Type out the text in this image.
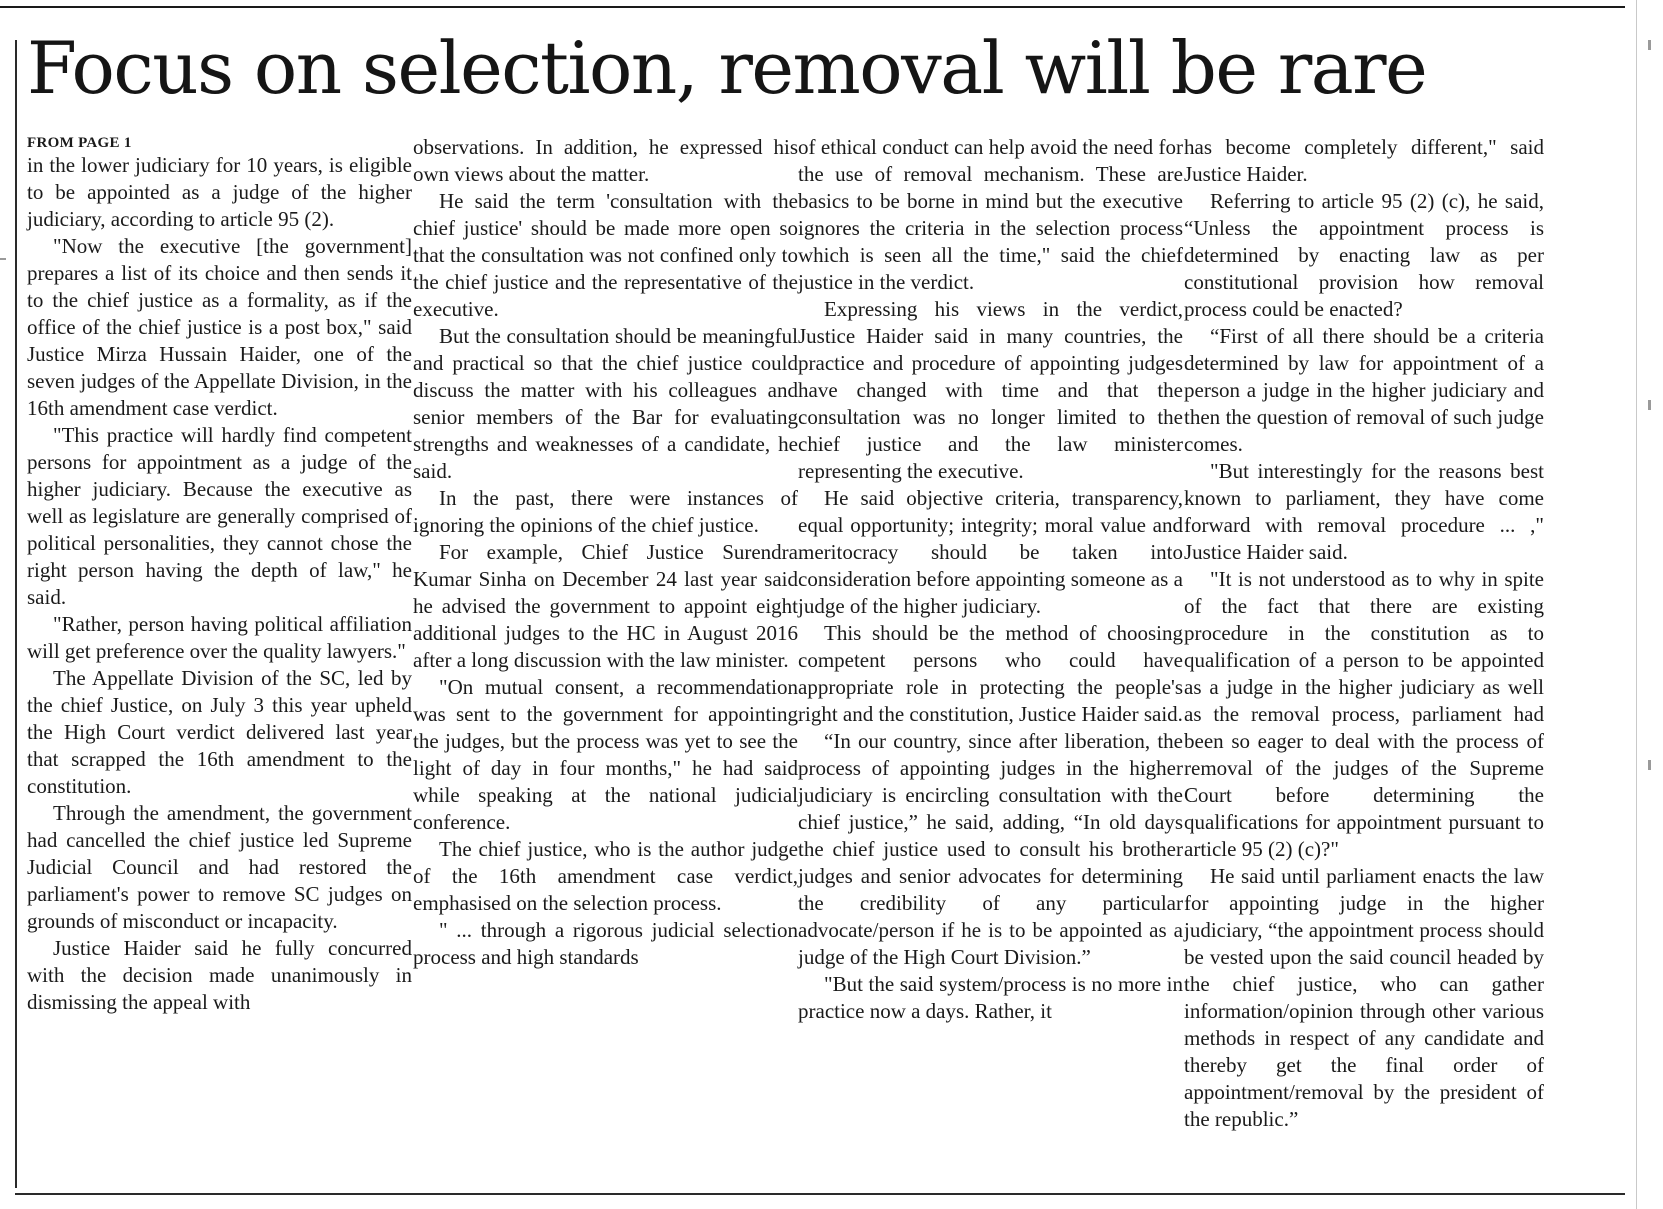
Focus on selection, removal will be rare
FROM PAGE 1

in the lower judiciary for 10 years, is eligible to be appointed as a judge of the higher judiciary, according to article 95 (2).

"Now the executive [the government] prepares a list of its choice and then sends it to the chief justice as a formality, as if the office of the chief justice is a post box," said Justice Mirza Hussain Haider, one of the seven judges of the Appellate Division, in the 16th amendment case verdict.

"This practice will hardly find competent persons for appointment as a judge of the higher judiciary. Because the executive as well as legislature are generally comprised of political personalities, they cannot chose the right person having the depth of law," he said.

"Rather, person having political affiliation will get preference over the quality lawyers."

The Appellate Division of the SC, led by the chief Justice, on July 3 this year upheld the High Court verdict delivered last year that scrapped the 16th amendment to the constitution.

Through the amendment, the government had cancelled the chief justice led Supreme Judicial Council and had restored the parliament's power to remove SC judges on grounds of misconduct or incapacity.

Justice Haider said he fully concurred with the decision made unanimously in dismissing the appeal with

observations. In addition, he expressed his own views about the matter.

He said the term 'consultation with the chief justice' should be made more open so that the consultation was not confined only to the chief justice and the representative of the executive.

But the consultation should be meaningful and practical so that the chief justice could discuss the matter with his colleagues and senior members of the Bar for evaluating strengths and weaknesses of a candidate, he said.

In the past, there were instances of ignoring the opinions of the chief justice.

For example, Chief Justice Surendra Kumar Sinha on December 24 last year said he advised the government to appoint eight additional judges to the HC in August 2016 after a long discussion with the law minister.

"On mutual consent, a recommendation was sent to the government for appointing the judges, but the process was yet to see the light of day in four months," he had said while speaking at the national judicial conference.

The chief justice, who is the author judge of the 16th amendment case verdict, emphasised on the selection process.

" ... through a rigorous judicial selection process and high standards

of ethical conduct can help avoid the need for the use of removal mechanism. These are basics to be borne in mind but the executive ignores the criteria in the selection process which is seen all the time," said the chief justice in the verdict.

Expressing his views in the verdict, Justice Haider said in many countries, the practice and procedure of appointing judges have changed with time and that the consultation was no longer limited to the chief justice and the law minister representing the executive.

He said objective criteria, transparency, equal opportunity; integrity; moral value and meritocracy should be taken into consideration before appointing someone as a judge of the higher judiciary.

This should be the method of choosing competent persons who could have appropriate role in protecting the people's right and the constitution, Justice Haider said.

“In our country, since after liberation, the process of appointing judges in the higher judiciary is encircling consultation with the chief justice,” he said, adding, “In old days the chief justice used to consult his brother judges and senior advocates for determining the credibility of any particular advocate/person if he is to be appointed as a judge of the High Court Division.”

"But the said system/process is no more in practice now a days. Rather, it

has become completely different," said Justice Haider.

Referring to article 95 (2) (c), he said, “Unless the appointment process is determined by enacting law as per constitutional provision how removal process could be enacted?

“First of all there should be a criteria determined by law for appointment of a person a judge in the higher judiciary and then the question of removal of such judge comes.

"But interestingly for the reasons best known to parliament, they have come forward with removal procedure ... ," Justice Haider said.

"It is not understood as to why in spite of the fact that there are existing procedure in the constitution as to qualification of a person to be appointed as a judge in the higher judiciary as well as the removal process, parliament had been so eager to deal with the process of removal of the judges of the Supreme Court before determining the qualifications for appointment pursuant to article 95 (2) (c)?"

He said until parliament enacts the law for appointing judge in the higher judiciary, “the appointment process should be vested upon the said council headed by the chief justice, who can gather information/opinion through other various methods in respect of any candidate and thereby get the final order of appointment/removal by the president of the republic.”
